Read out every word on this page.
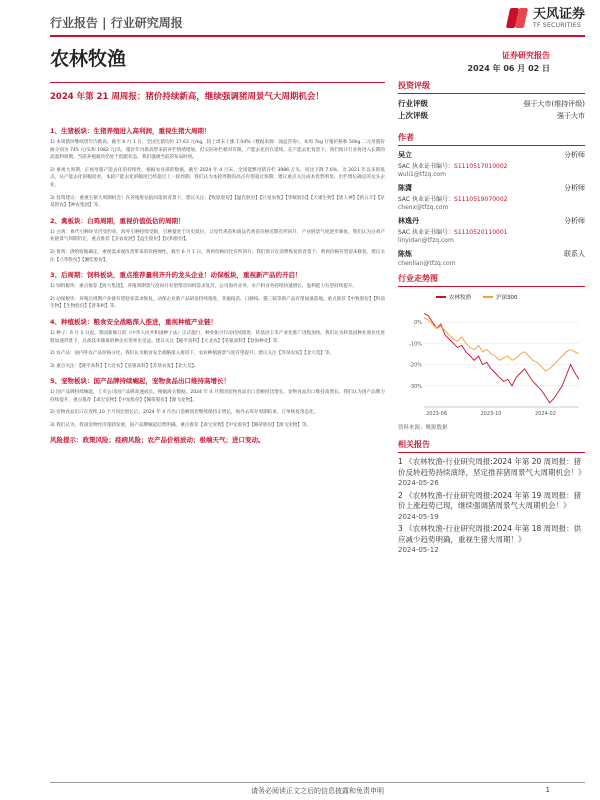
行业报告 | 行业研究周报
天风证券
TF SECURITIES
农林牧渔	证券研究报告
2024 年 06 月 02 日
2024 年第 21 周周报：猪价持续新高，继续强调猪周景气大周期机会！
1、生猪板块：生猪养殖进入高利润，重视生猪大周期！

1) 本周猪价继续创年内新高。截至 6 月 1 日，全国生猪均价 17.63 元/kg，较上周末上涨 7.04%（数据来源：涌益咨询）。本周 7kg 仔猪价格和 50kg 二元母猪价格分别为 745 元/头和 1982 元/头。猪价年内新高带来的补栏情绪增加，但实际补栏相对有限，产能去化仍在延续。在产能去化背景下，我们预计行业将进入长期的高盈利周期。当前养殖板块仍处于低配状态，我们强调当前的布局时机。

2) 重视大周期，正视母猪产能去化的持续性。根据农业部的数据，截至 2024 年 4 月末，全国能繁母猪存栏 3986 万头，同比下降 7.6%，为 2021 年以来的低点。从产能去化的幅度看，本轮产能去化的幅度已经超过上一轮周期，我们认为本轮周期的高点有望超过预期。建议重点关注成本优势明显、出栏增长确定的龙头企业。

3) 投资建议：重视生猪大周期机会！在养殖股估值回落的背景下，建议关注：【牧原股份】【温氏股份】【巨星农牧】【华统股份】【天康生物】【唐人神】【新五丰】【京基智农】【神农集团】等。

2、禽板块：白鸡周期，重视价值低估的周期！

1) 白鸡：祖代引种环节仍受约束，海外引种持续受限，引种量处于历史低位。父母代鸡苗和商品代鸡苗价格近期有所回升，产业链景气度逐步修复。我们认为白鸡产业链景气周期仍在，重点推荐【圣农发展】【益生股份】【民和股份】。

2) 黄鸡：供给收缩确定，重视需求端改善带来的价格弹性。截至 6 月 1 日，黄鸡价格同比有所回升。我们预计在消费恢复的背景下，黄鸡价格有望迎来修复。建议关注【立华股份】【湘佳股份】。

3、后周期：饲料板块，重点推荐量利齐升的龙头企业！动保板块，重视新产品的开启！

1) 饲料板块：重点推荐【海大集团】，养殖周期景气度回升有望带动饲料需求复苏，公司海外业务、水产料业务持续快速增长，盈利能力有望持续提升。

2) 动保板块：养殖后周期产业链有望迎来需求恢复。动保企业新产品研发持续推进，非瘟疫苗、口蹄疫、猫三联等新产品有望加速落地。重点推荐【中牧股份】【科前生物】【生物股份】【普莱柯】等。

4、种植板块：粮食安全战略深入推进，重视种植产业链！

1) 种子：6 月 1 日起，我国新修订的《中华人民共和国种子法》正式施行，种业振兴行动持续推进，转基因玉米产业化推广进程加快。我们认为转基因种业商业化进程加速背景下，具备技术储备的种企有望率先受益。建议关注【隆平高科】【大北农】【荃银高科】【登海种业】等。

2) 农产品：国内外农产品价格分化，我们认为粮食安全战略深入推进下，农业种植链景气度有望提升。建议关注【苏垦农发】【北大荒】等。

3) 重点关注：【隆平高科】【大北农】【荃银高科】【苏垦农发】【北大荒】。

5、宠物板块：国产品牌持续崛起，宠物食品出口维持高增长！

1) 国产品牌持续崛起，上市公司国产品牌高速成长。根据海关数据，2024 年 4 月我国宠物食品出口金额同比增长，宠物食品出口维持高增长。我们认为国产品牌力持续提升，重点推荐【乖宝宠物】【中宠股份】【佩蒂股份】【源飞宠物】。

2) 宠物食品出口在连续 10 个月同比增长后，2024 年 4 月出口金额同比继续保持正增长，海外去库存周期结束，订单恢复常态化。

3) 我们认为，我国宠物经济蓬勃发展，国产品牌崛起趋势明确。重点推荐【乖宝宠物】【中宠股份】【佩蒂股份】【源飞宠物】等。

风险提示：政策风险；疫病风险；农产品价格波动；极端天气；进口变动。
投资评级
行业评级	强于大市(维持评级)
上次评级	强于大市
作者
吴立	分析师
SAC 执业证书编号：S1110517010002
wuli1@tfzq.com
陈潇	分析师
SAC 执业证书编号：S1110519070002
chenx@tfzq.com
林逸丹	分析师
SAC 执业证书编号：S1110520110001
linyidan@tfzq.com
陈炼	联系人
chenlian@tfzq.com
行业走势图
农林牧渔	沪深300
0%
-10%
-20%
-30%
2023-06	2023-10	2024-02
资料来源：聚源数据
相关报告
1 《农林牧渔-行业研究周报:2024 年第 20 周周报：猪价反转趋势持续演绎，坚定推荐猪周景气大周期机会！》
2024-05-26
2 《农林牧渔-行业研究周报:2024 年第 19 周周报：猪价上涨趋势已现，继续强调猪周景气大周期机会！》
2024-05-19
3 《农林牧渔-行业研究周报:2024 年第 18 周周报：供应减少趋势明确，重视生猪大周期！》
2024-05-12
请务必阅读正文之后的信息披露和免责申明	1
